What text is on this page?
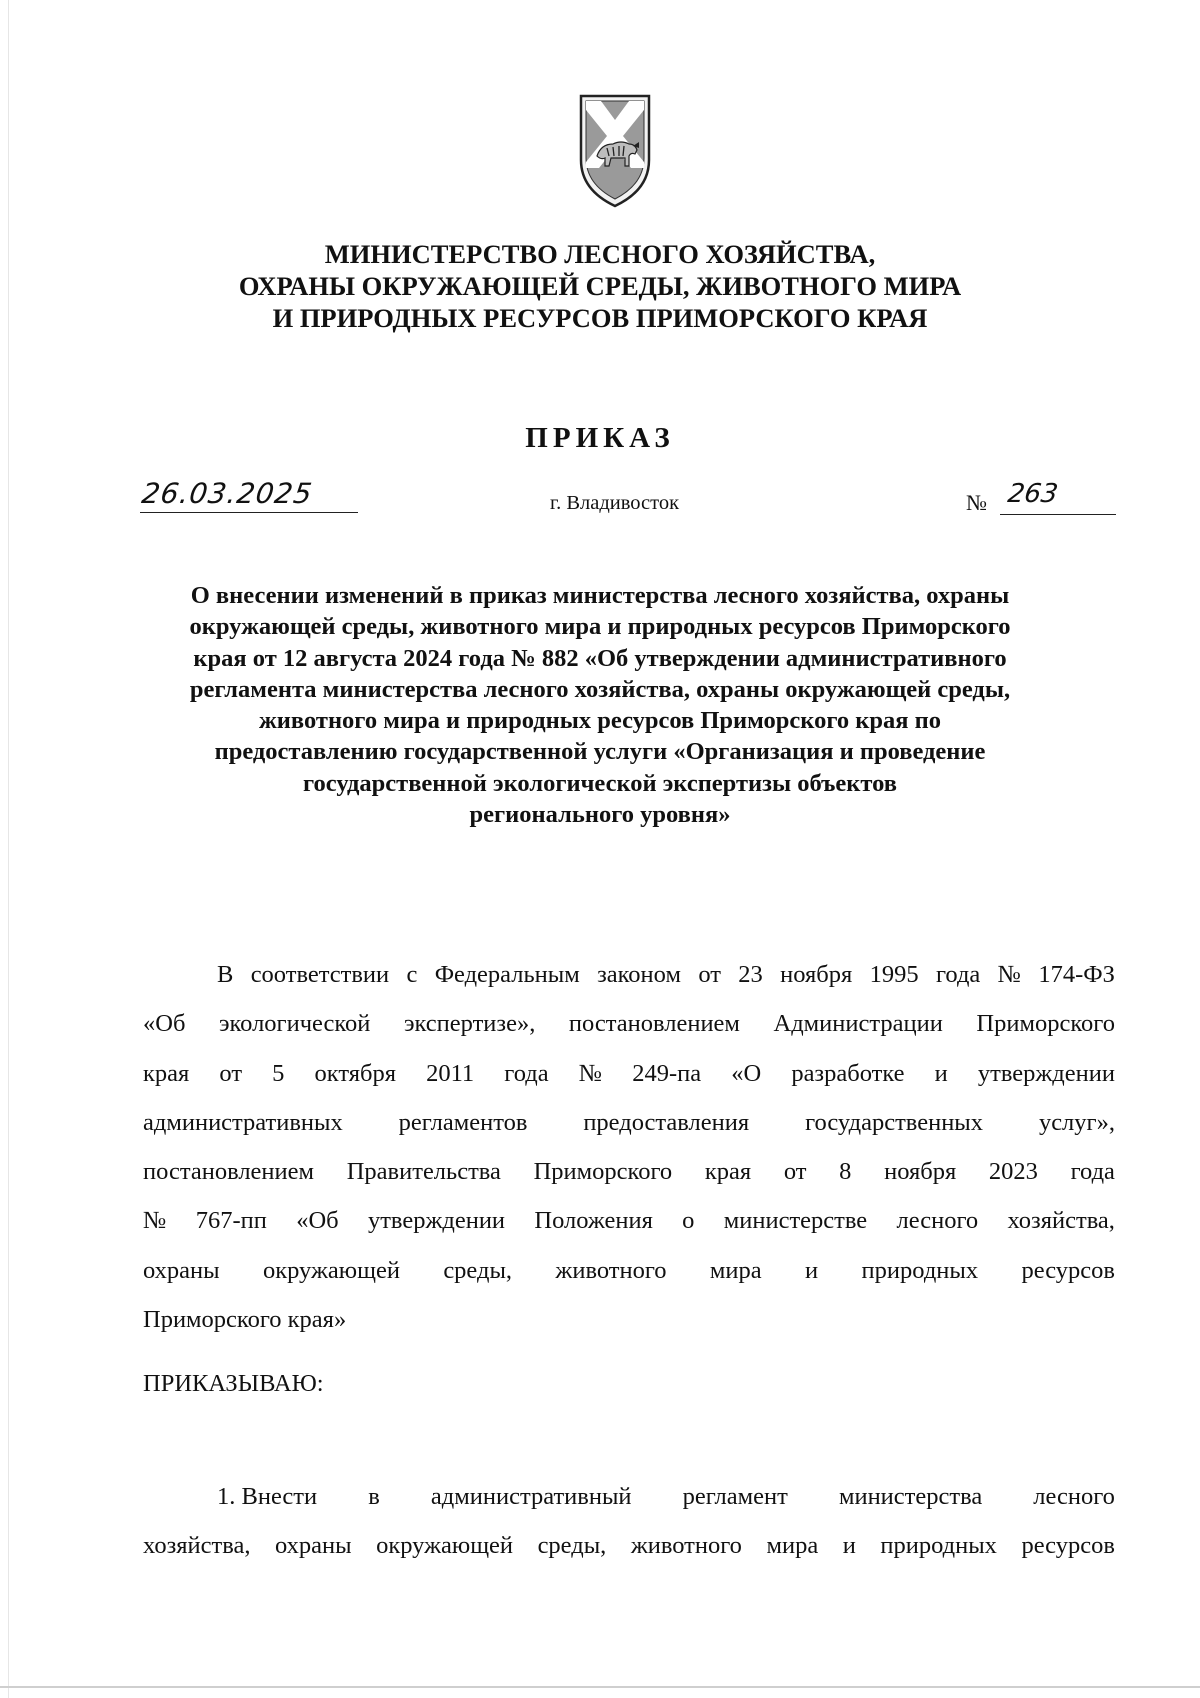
МИНИСТЕРСТВО ЛЕСНОГО ХОЗЯЙСТВА,
ОХРАНЫ ОКРУЖАЮЩЕЙ СРЕДЫ, ЖИВОТНОГО МИРА
И ПРИРОДНЫХ РЕСУРСОВ ПРИМОРСКОГО КРАЯ
ПРИКАЗ
26.03.2025	г. Владивосток	№ 263
О внесении изменений в приказ министерства лесного хозяйства, охраны
окружающей среды, животного мира и природных ресурсов Приморского
края от 12 августа 2024 года № 882 «Об утверждении административного
регламента министерства лесного хозяйства, охраны окружающей среды,
животного мира и природных ресурсов Приморского края по
предоставлению государственной услуги «Организация и проведение
государственной экологической экспертизы объектов
регионального уровня»
В соответствии с Федеральным законом от 23 ноября 1995 года № 174-ФЗ
«Об экологической экспертизе», постановлением Администрации Приморского
края от 5 октября 2011 года № 249-па «О разработке и утверждении
административных регламентов предоставления государственных услуг»,
постановлением Правительства Приморского края от 8 ноября 2023 года
№ 767-пп «Об утверждении Положения о министерстве лесного хозяйства,
охраны окружающей среды, животного мира и природных ресурсов
Приморского края»
ПРИКАЗЫВАЮ:
1. Внести в административный регламент министерства лесного
хозяйства, охраны окружающей среды, животного мира и природных ресурсов
